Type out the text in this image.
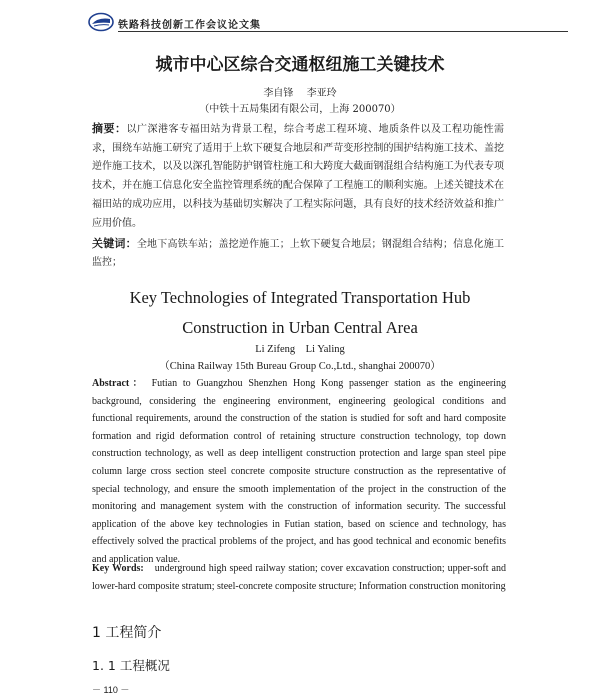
铁路科技创新工作会议论文集
城市中心区综合交通枢纽施工关键技术
李自锋　 李亚玲
（中铁十五局集团有限公司，上海 200070）

摘要：以广深港客专福田站为背景工程，综合考虑工程环境、地质条件以及工程功能性需求，围绕车站施工研究了适用于上软下硬复合地层和严苛变形控制的围护结构施工技术、盖挖逆作施工技术，以及以深孔智能防护钢管柱施工和大跨度大截面钢混组合结构施工为代表专项技术，并在施工信息化安全监控管理系统的配合保障了工程施工的顺利实施。上述关键技术在福田站的成功应用，以科技为基础切实解决了工程实际问题，具有良好的技术经济效益和推广应用价值。

关键词：全地下高铁车站；盖挖逆作施工；上软下硬复合地层；钢混组合结构；信息化施工监控；

Key Technologies of Integrated Transportation Hub
Construction in Urban Central Area
Li Zifeng　Li Yaling
（China Railway 15th Bureau Group Co.,Ltd., shanghai 200070）

Abstract： Futian to Guangzhou Shenzhen Hong Kong passenger station as the engineering background, considering the engineering environment, engineering geological conditions and functional requirements, around the construction of the station is studied for soft and hard composite formation and rigid deformation control of retaining structure construction technology, top down construction technology, as well as deep intelligent construction protection and large span steel pipe column large cross section steel concrete composite structure construction as the representative of special technology, and ensure the smooth implementation of the project in the construction of the monitoring and management system with the construction of information security. The successful application of the above key technologies in Futian station, based on science and technology, has effectively solved the practical problems of the project, and has good technical and economic benefits and application value.

Key Words:　underground high speed railway station; cover excavation construction; upper-soft and lower-hard composite stratum; steel-concrete composite structure; Information construction monitoring

1 工程简介
1. 1 工程概况
－ 110 －
